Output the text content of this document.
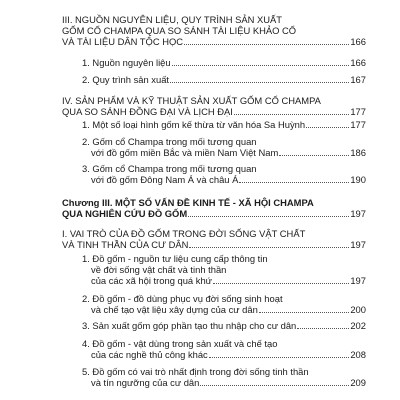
III. NGUỒN NGUYÊN LIỆU, QUY TRÌNH SẢN XUẤT
GỐM CỔ CHAMPA QUA SO SÁNH TÀI LIỆU KHẢO CỔ
VÀ TÀI LIỆU DÂN TỘC HỌC	166
1. Nguồn nguyên liệu	166
2. Quy trình sản xuất	167
IV. SẢN PHẨM VÀ KỸ THUẬT SẢN XUẤT GỐM CỔ CHAMPA
QUA SO SÁNH ĐỒNG ĐẠI VÀ LỊCH ĐẠI	177
1. Một số loại hình gốm kế thừa từ văn hóa Sa Huỳnh	177
2. Gốm cổ Champa trong mối tương quan
với đồ gốm miền Bắc và miền Nam Việt Nam	186
3. Gốm cổ Champa trong mối tương quan
với đồ gốm Đông Nam Á và châu Á	190
Chương III. MỘT SỐ VẤN ĐỀ KINH TẾ - XÃ HỘI CHAMPA
QUA NGHIÊN CỨU ĐỒ GỐM	197
I. VAI TRÒ CỦA ĐỒ GỐM TRONG ĐỜI SỐNG VẬT CHẤT
VÀ TINH THẦN CỦA CƯ DÂN	197
1. Đồ gốm - nguồn tư liệu cung cấp thông tin
về đời sống vật chất và tinh thần
của các xã hội trong quá khứ	197
2. Đồ gốm - đồ dùng phục vụ đời sống sinh hoạt
và chế tạo vật liệu xây dựng của cư dân	200
3. Sản xuất gốm góp phần tạo thu nhập cho cư dân	202
4. Đồ gốm - vật dùng trong sản xuất và chế tạo
của các nghề thủ công khác	208
5. Đồ gốm có vai trò nhất định trong đời sống tinh thần
và tín ngưỡng của cư dân	209
